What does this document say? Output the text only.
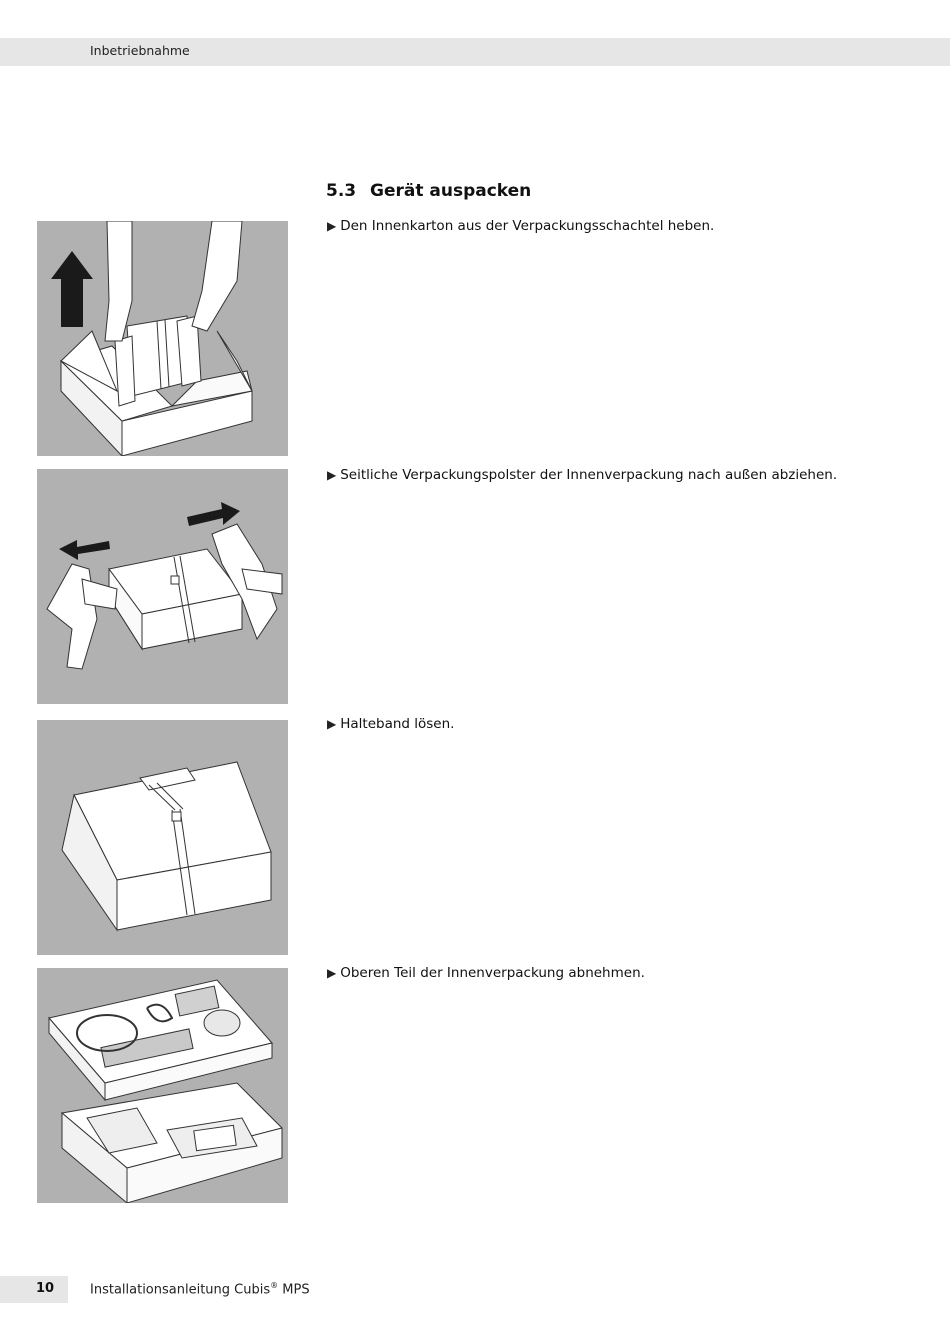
Inbetriebnahme
5.3 Gerät auspacken
▶ Den Innenkarton aus der Verpackungsschachtel heben.
▶ Seitliche Verpackungspolster der Innenverpackung nach außen abziehen.
▶ Halteband lösen.
▶ Oberen Teil der Innenverpackung abnehmen.
10	Installationsanleitung Cubis® MPS
